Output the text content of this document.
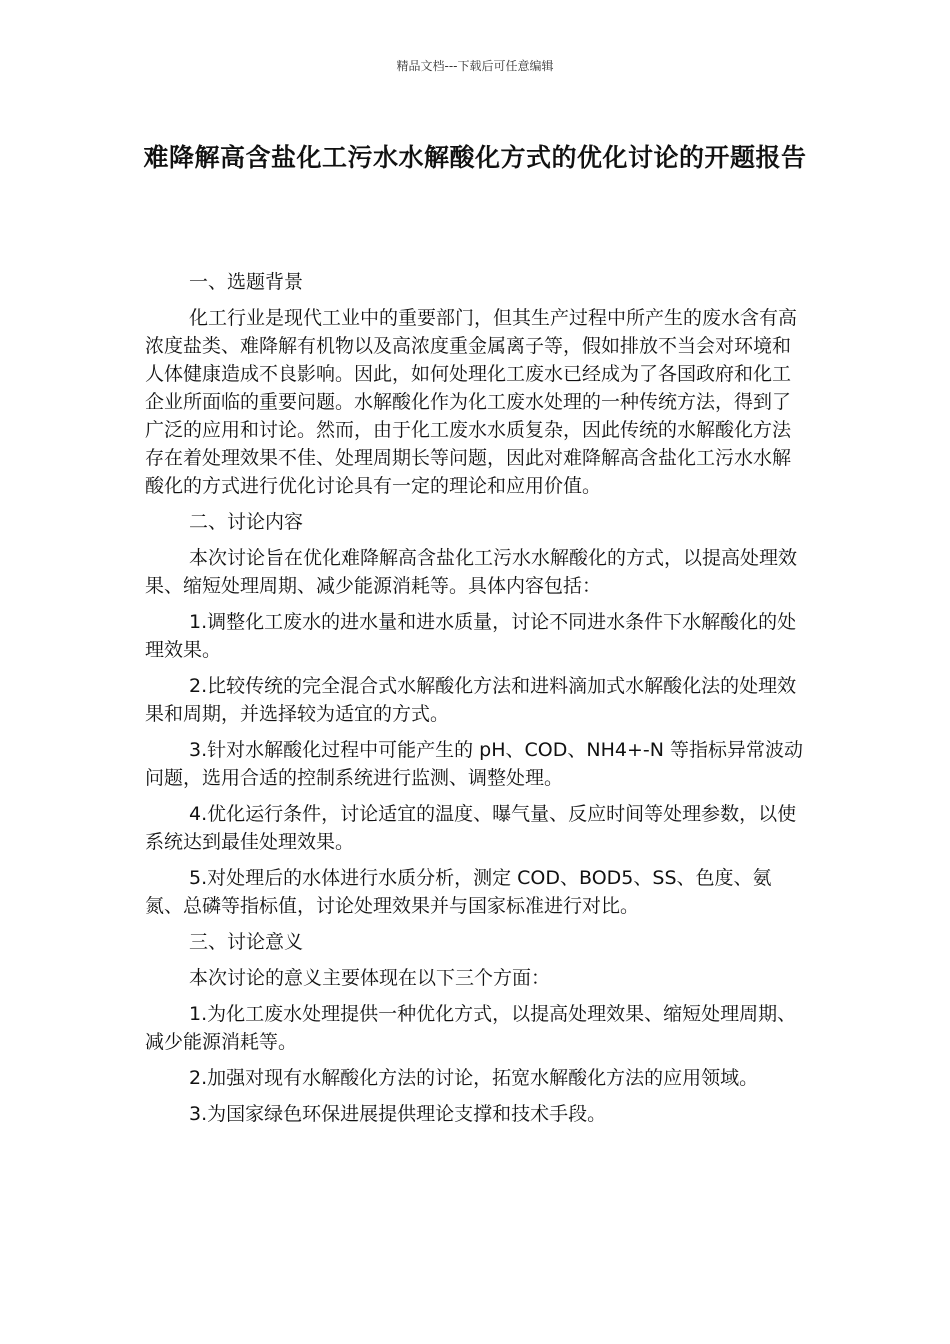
精品文档---下载后可任意编辑
难降解高含盐化工污水水解酸化方式的优化讨论的开题报告

一、选题背景

化工行业是现代工业中的重要部门，但其生产过程中所产生的废水含有高浓度盐类、难降解有机物以及高浓度重金属离子等，假如排放不当会对环境和人体健康造成不良影响。因此，如何处理化工废水已经成为了各国政府和化工企业所面临的重要问题。水解酸化作为化工废水处理的一种传统方法，得到了广泛的应用和讨论。然而，由于化工废水水质复杂，因此传统的水解酸化方法存在着处理效果不佳、处理周期长等问题，因此对难降解高含盐化工污水水解酸化的方式进行优化讨论具有一定的理论和应用价值。

二、讨论内容

本次讨论旨在优化难降解高含盐化工污水水解酸化的方式，以提高处理效果、缩短处理周期、减少能源消耗等。具体内容包括：

1.调整化工废水的进水量和进水质量，讨论不同进水条件下水解酸化的处理效果。

2.比较传统的完全混合式水解酸化方法和进料滴加式水解酸化法的处理效果和周期，并选择较为适宜的方式。

3.针对水解酸化过程中可能产生的 pH、COD、NH4+-N 等指标异常波动问题，选用合适的控制系统进行监测、调整处理。

4.优化运行条件，讨论适宜的温度、曝气量、反应时间等处理参数，以使系统达到最佳处理效果。

5.对处理后的水体进行水质分析，测定 COD、BOD5、SS、色度、氨氮、总磷等指标值，讨论处理效果并与国家标准进行对比。

三、讨论意义

本次讨论的意义主要体现在以下三个方面：

1.为化工废水处理提供一种优化方式，以提高处理效果、缩短处理周期、减少能源消耗等。

2.加强对现有水解酸化方法的讨论，拓宽水解酸化方法的应用领域。

3.为国家绿色环保进展提供理论支撑和技术手段。
